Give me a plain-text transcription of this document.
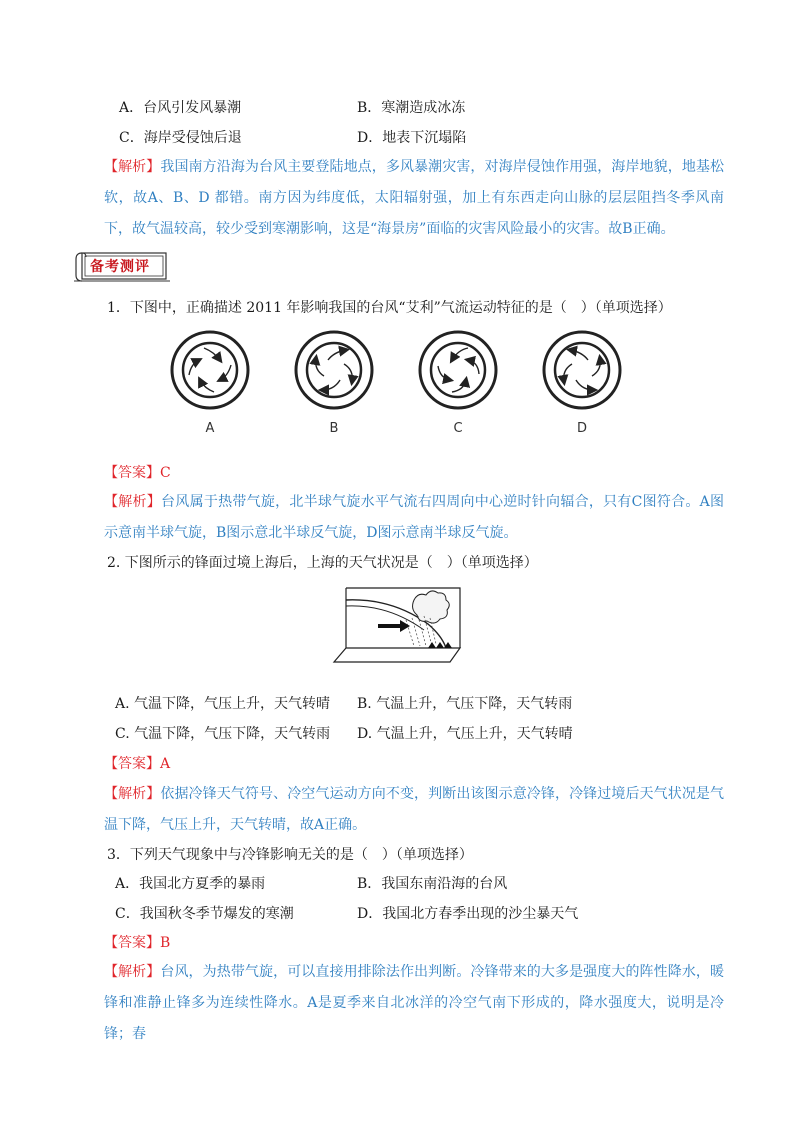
A．台风引发风暴潮	B．寒潮造成冰冻
C．海岸受侵蚀后退	D．地表下沉塌陷
【解析】我国南方沿海为台风主要登陆地点，多风暴潮灾害，对海岸侵蚀作用强，海岸地貌，地基松软，故A、B、D 都错。南方因为纬度低，太阳辐射强，加上有东西走向山脉的层层阻挡冬季风南下，故气温较高，较少受到寒潮影响，这是“海景房”面临的灾害风险最小的灾害。故B正确。
备考测评
1．下图中，正确描述 2011 年影响我国的台风“艾利”气流运动特征的是（　）（单项选择）
A	B	C	D
【答案】C
【解析】台风属于热带气旋，北半球气旋水平气流右四周向中心逆时针向辐合，只有C图符合。A图示意南半球气旋，B图示意北半球反气旋，D图示意南半球反气旋。
2. 下图所示的锋面过境上海后，上海的天气状况是（　）（单项选择）
A. 气温下降，气压上升，天气转晴 B. 气温上升，气压下降，天气转雨
C. 气温下降，气压下降，天气转雨 D. 气温上升，气压上升，天气转晴
【答案】A
【解析】依据冷锋天气符号、冷空气运动方向不变，判断出该图示意冷锋，冷锋过境后天气状况是气温下降，气压上升，天气转晴，故A正确。
3．下列天气现象中与冷锋影响无关的是（　）（单项选择）
A．我国北方夏季的暴雨	B．我国东南沿海的台风
C．我国秋冬季节爆发的寒潮	D．我国北方春季出现的沙尘暴天气
【答案】B
【解析】台风，为热带气旋，可以直接用排除法作出判断。冷锋带来的大多是强度大的阵性降水，暖锋和准静止锋多为连续性降水。A是夏季来自北冰洋的冷空气南下形成的，降水强度大，说明是冷锋；春
